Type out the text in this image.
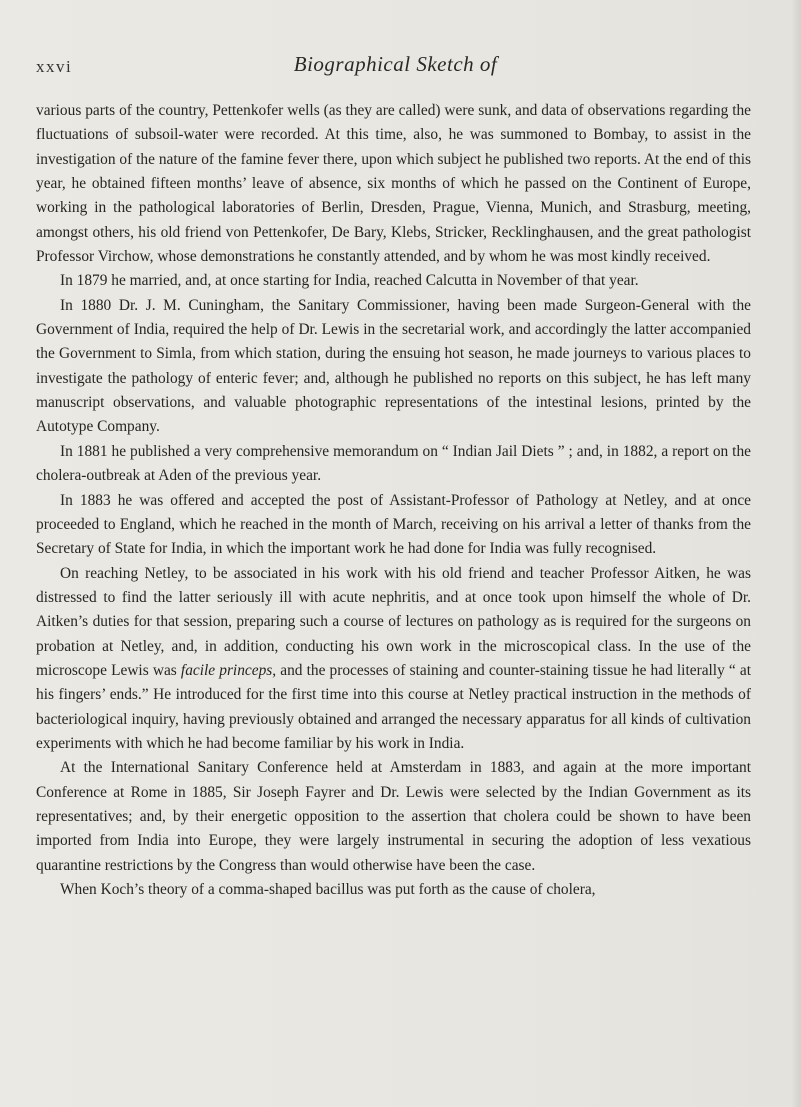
xxvi	Biographical Sketch of

various parts of the country, Pettenkofer wells (as they are called) were sunk, and data of observations regarding the fluctuations of subsoil-water were recorded. At this time, also, he was summoned to Bombay, to assist in the investigation of the nature of the famine fever there, upon which subject he published two reports. At the end of this year, he obtained fifteen months’ leave of absence, six months of which he passed on the Continent of Europe, working in the pathological laboratories of Berlin, Dresden, Prague, Vienna, Munich, and Strasburg, meeting, amongst others, his old friend von Pettenkofer, De Bary, Klebs, Stricker, Recklinghausen, and the great pathologist Professor Virchow, whose demonstrations he constantly attended, and by whom he was most kindly received.

In 1879 he married, and, at once starting for India, reached Calcutta in November of that year.

In 1880 Dr. J. M. Cuningham, the Sanitary Commissioner, having been made Surgeon-General with the Government of India, required the help of Dr. Lewis in the secretarial work, and accordingly the latter accompanied the Government to Simla, from which station, during the ensuing hot season, he made journeys to various places to investigate the pathology of enteric fever; and, although he published no reports on this subject, he has left many manuscript observations, and valuable photographic representations of the intestinal lesions, printed by the Autotype Company.

In 1881 he published a very comprehensive memorandum on “ Indian Jail Diets ” ; and, in 1882, a report on the cholera-outbreak at Aden of the previous year.

In 1883 he was offered and accepted the post of Assistant-Professor of Pathology at Netley, and at once proceeded to England, which he reached in the month of March, receiving on his arrival a letter of thanks from the Secretary of State for India, in which the important work he had done for India was fully recognised.

On reaching Netley, to be associated in his work with his old friend and teacher Professor Aitken, he was distressed to find the latter seriously ill with acute nephritis, and at once took upon himself the whole of Dr. Aitken’s duties for that session, preparing such a course of lectures on pathology as is required for the surgeons on probation at Netley, and, in addition, conducting his own work in the microscopical class. In the use of the microscope Lewis was facile princeps, and the processes of staining and counter-staining tissue he had literally “ at his fingers’ ends.” He introduced for the first time into this course at Netley practical instruction in the methods of bacteriological inquiry, having previously obtained and arranged the necessary apparatus for all kinds of cultivation experiments with which he had become familiar by his work in India.

At the International Sanitary Conference held at Amsterdam in 1883, and again at the more important Conference at Rome in 1885, Sir Joseph Fayrer and Dr. Lewis were selected by the Indian Government as its representatives; and, by their energetic opposition to the assertion that cholera could be shown to have been imported from India into Europe, they were largely instrumental in securing the adoption of less vexatious quarantine restrictions by the Congress than would otherwise have been the case.

When Koch’s theory of a comma-shaped bacillus was put forth as the cause of cholera,
